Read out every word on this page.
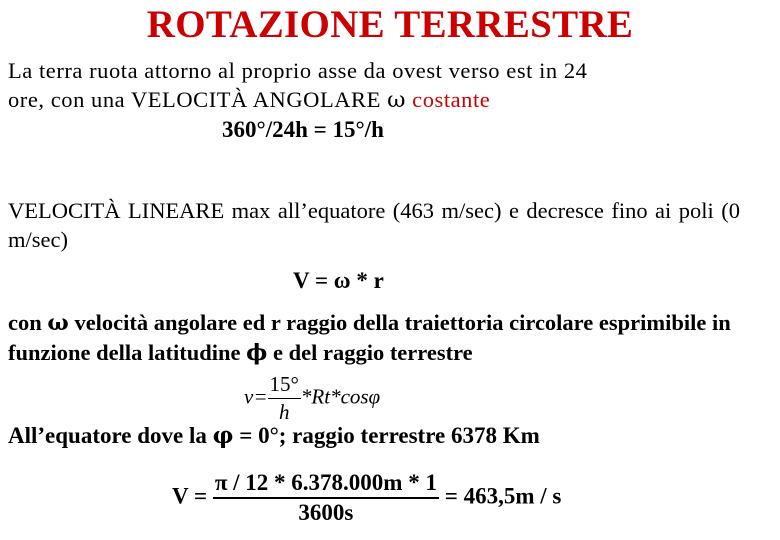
ROTAZIONE TERRESTRE
La terra ruota attorno al proprio asse da ovest verso est in 24
ore, con una VELOCITÀ ANGOLARE ω costante
360°/24h = 15°/h
VELOCITÀ LINEARE max all’equatore (463 m/sec) e decresce fino ai poli (0 m/sec)
V = ω * r
con ω velocità angolare ed r raggio della traiettoria circolare esprimibile in funzione della latitudine ϕ e del raggio terrestre
$v= \frac{15^\circ}{h} *Rt*\cos\varphi$
All’equatore dove la φ = 0°; raggio terrestre 6378 Km
$V = \frac{\pi / 12 * 6.378.000m * 1}{3600s} = 463,5m / s$
